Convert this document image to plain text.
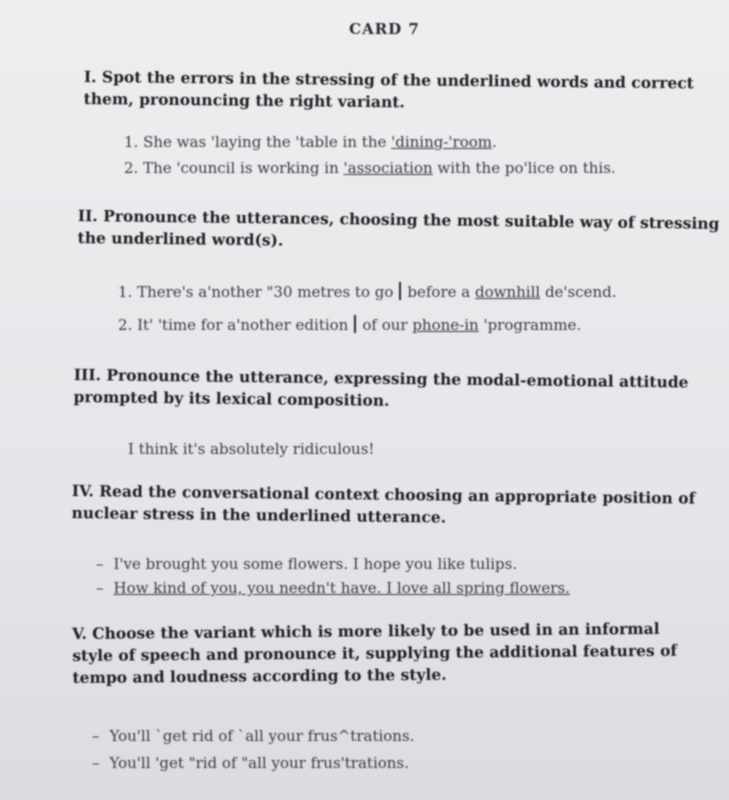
CARD 7
I. Spot the errors in the stressing of the underlined words and correct
them, pronouncing the right variant.
1. She was 'laying the 'table in the 'dining-'room.
2. The 'council is working in 'association with the po'lice on this.
II. Pronounce the utterances, choosing the most suitable way of stressing
the underlined word(s).
1. There's a'nother "30 metres to go before a downhill de'scend.
2. It' 'time for a'nother edition of our phone-in 'programme.
III. Pronounce the utterance, expressing the modal-emotional attitude
prompted by its lexical composition.
I think it's absolutely ridiculous!
IV. Read the conversational context choosing an appropriate position of
nuclear stress in the underlined utterance.
– I've brought you some flowers. I hope you like tulips.
– How kind of you, you needn't have. I love all spring flowers.
V. Choose the variant which is more likely to be used in an informal
style of speech and pronounce it, supplying the additional features of
tempo and loudness according to the style.
– You'll `get rid of `all your frus^trations.
– You'll 'get "rid of "all your frus'trations.
